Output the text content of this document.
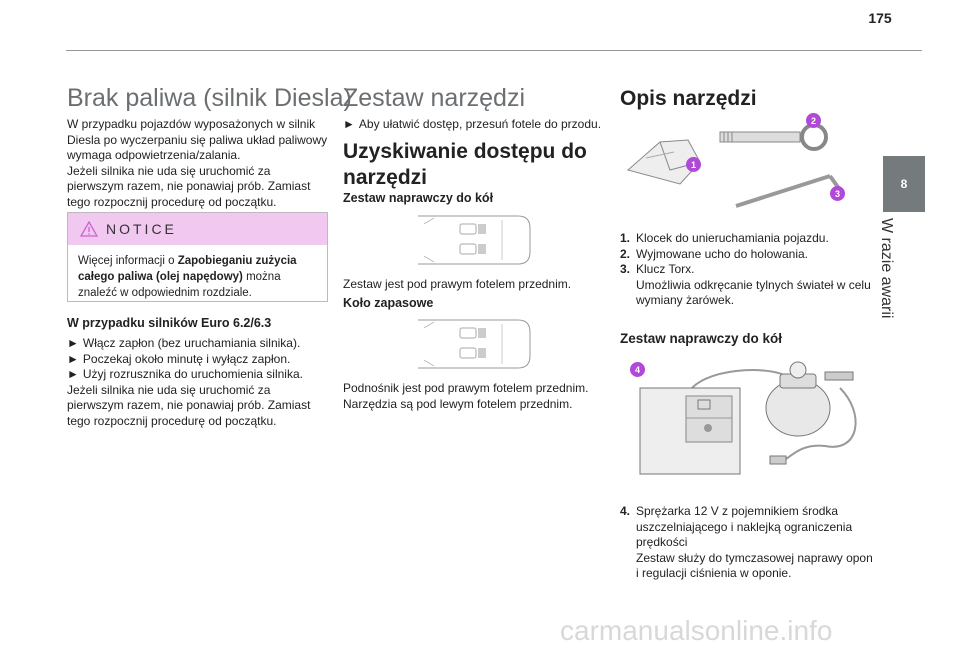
175
8
W razie awarii
Brak paliwa (silnik Diesla)

W przypadku pojazdów wyposażonych w silnik

Diesla po wyczerpaniu się paliwa układ paliwowy

wymaga odpowietrzenia/zalania.

Jeżeli silnika nie uda się uruchomić za

pierwszym razem, nie ponawiaj prób. Zamiast

tego rozpocznij procedurę od początku.

NOTICE
Więcej informacji o Zapobieganiu zużycia
całego paliwa (olej napędowy) można
znaleźć w odpowiednim rozdziale.
W przypadku silników Euro 6.2/6.3

► Włącz zapłon (bez uruchamiania silnika).

► Poczekaj około minutę i wyłącz zapłon.

► Użyj rozrusznika do uruchomienia silnika.

Jeżeli silnika nie uda się uruchomić za

pierwszym razem, nie ponawiaj prób. Zamiast

tego rozpocznij procedurę od początku.

Zestaw narzędzi

► Aby ułatwić dostęp, przesuń fotele do przodu.

Uzyskiwanie dostępu do
narzędzi
Zestaw naprawczy do kół

Zestaw jest pod prawym fotelem przednim.

Koło zapasowe

Podnośnik jest pod prawym fotelem przednim.

Narzędzia są pod lewym fotelem przednim.

Opis narzędzi
1
2
3
1. Klocek do unieruchamiania pojazdu.
2. Wyjmowane ucho do holowania.
3. Klucz Torx.
Umożliwia odkręcanie tylnych świateł w celu
wymiany żarówek.
Zestaw naprawczy do kół
4
4. Sprężarka 12 V z pojemnikiem środka
uszczelniającego i naklejką ograniczenia
prędkości
Zestaw służy do tymczasowej naprawy opon
i regulacji ciśnienia w oponie.
carmanualsonline.info
